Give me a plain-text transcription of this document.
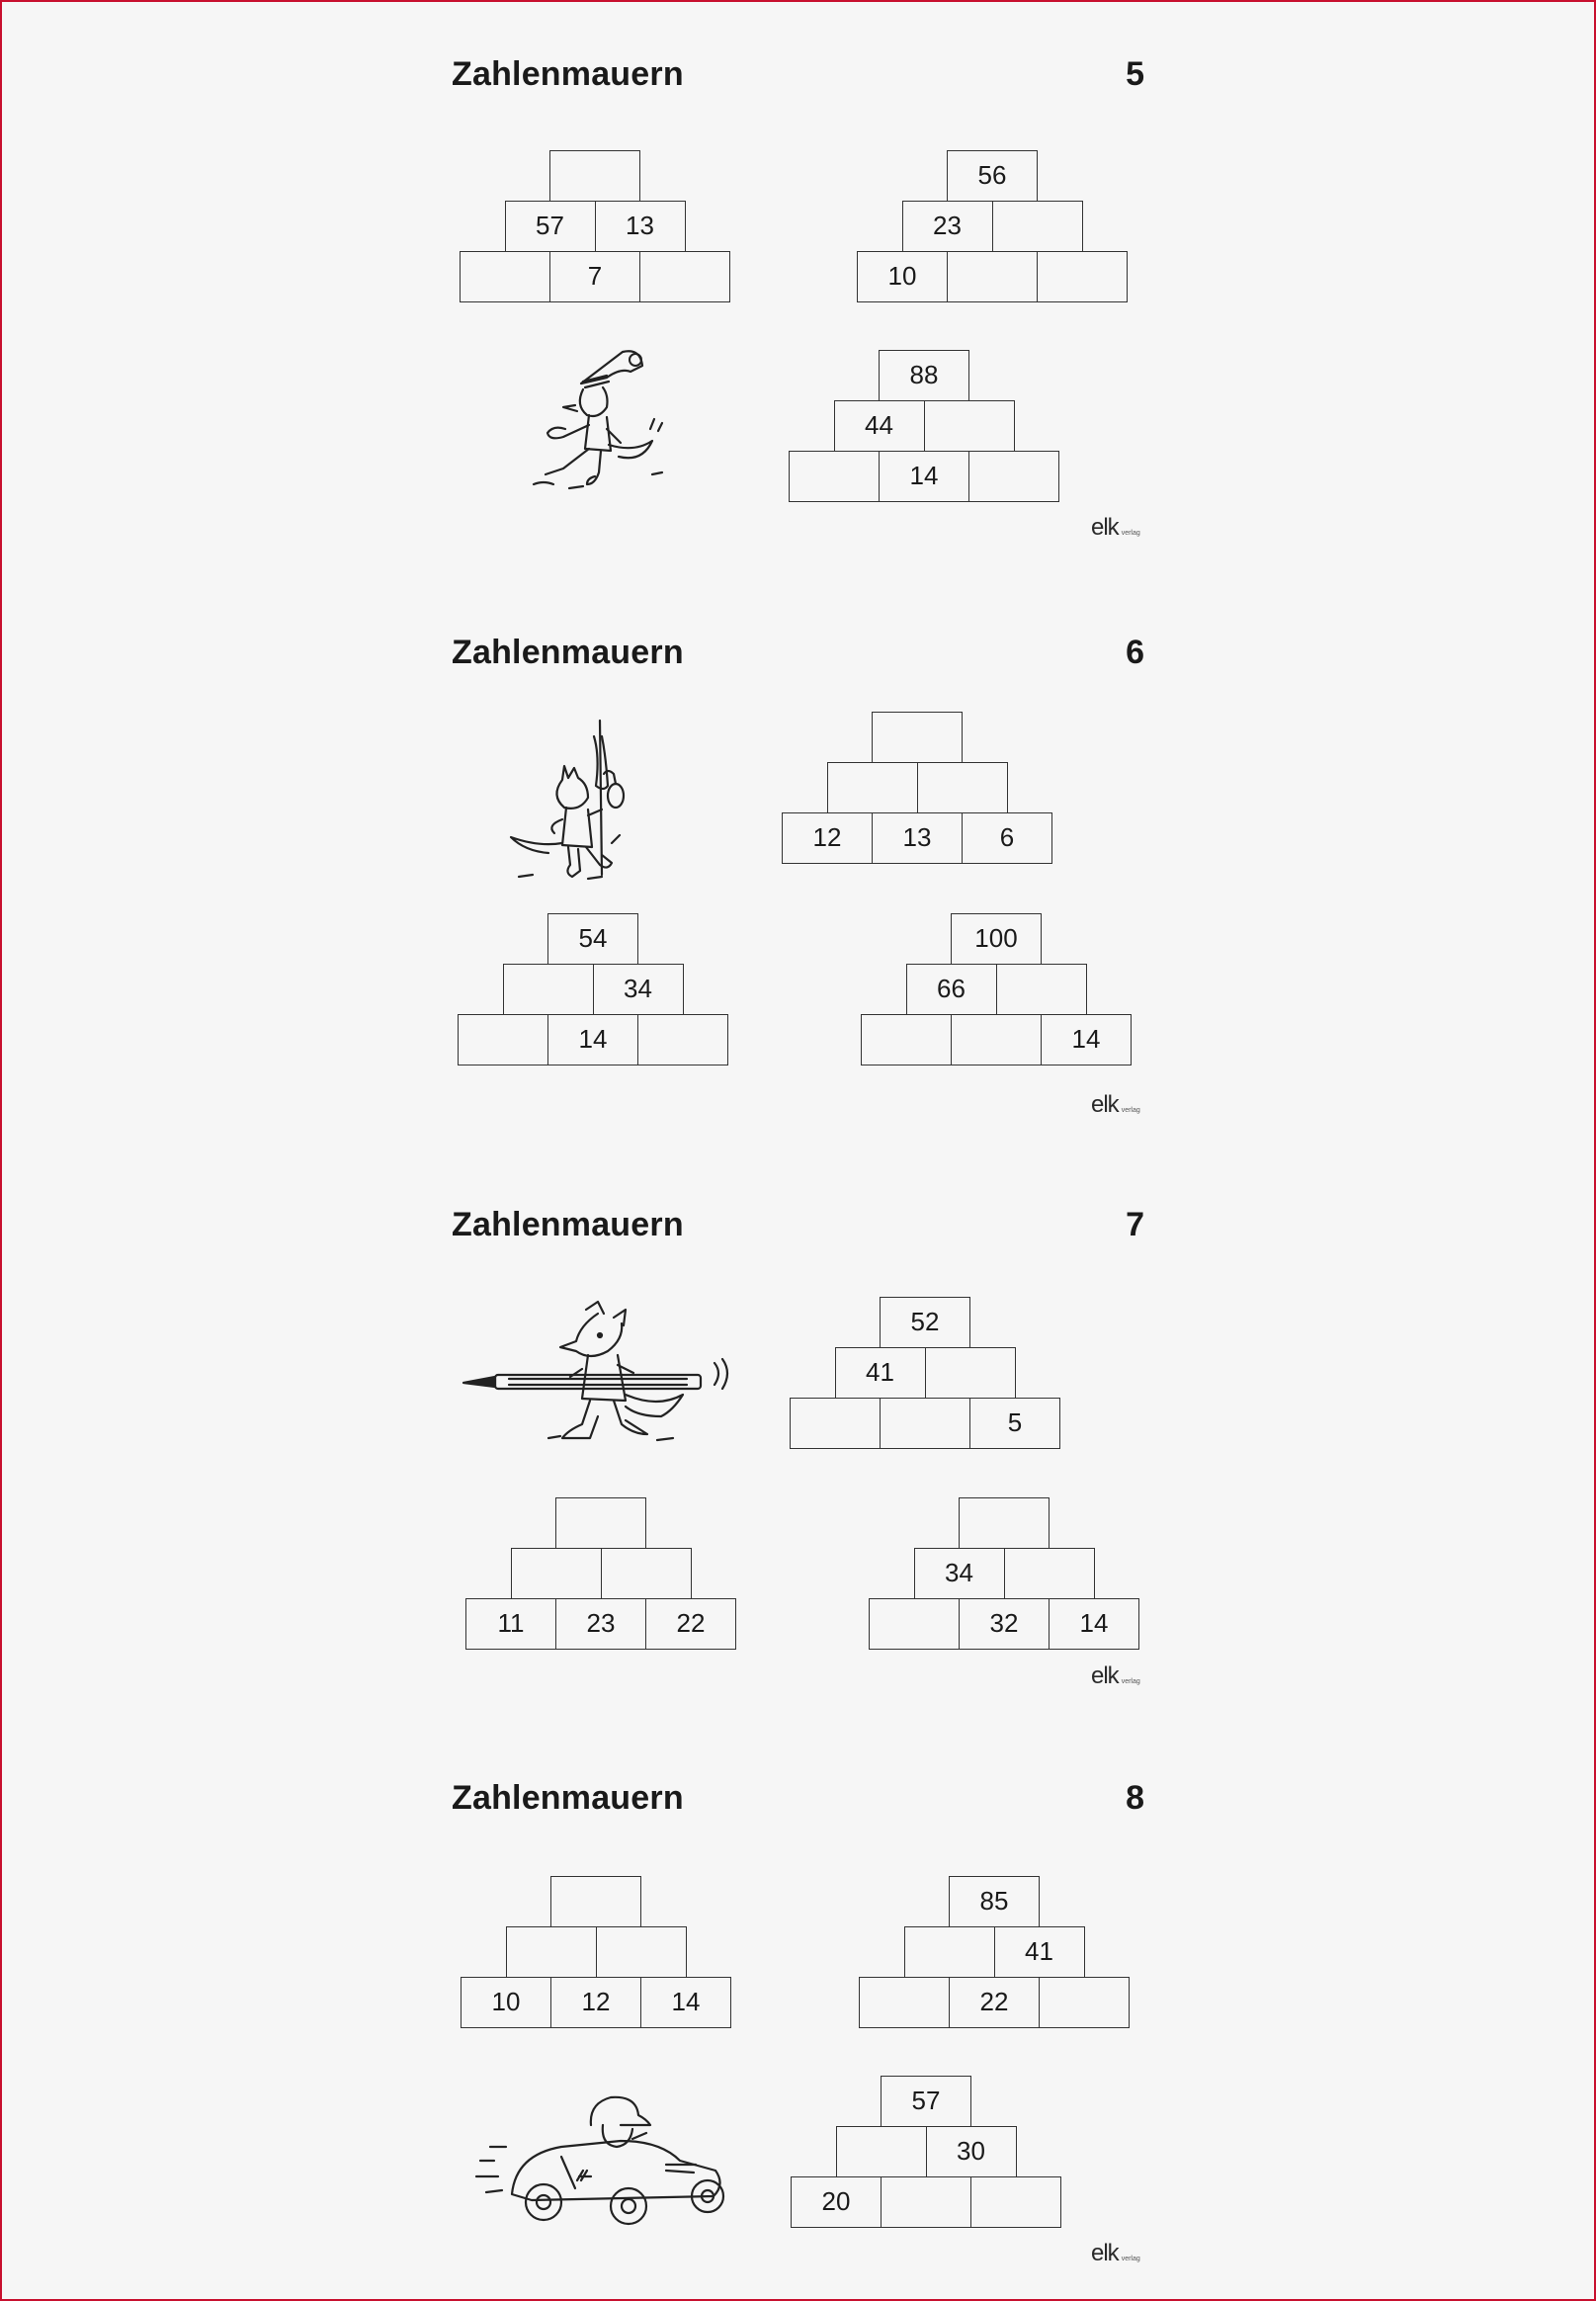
Zahlenmauern	5
57	13
7
56
23
10
88
44
14
elk verlag
Zahlenmauern	6
12	13	6
54
34
14
100
66
14
elk verlag
Zahlenmauern	7
52
41
5
11	23	22
34
32	14
elk verlag
Zahlenmauern	8
10	12	14
85
41
22
57
30
20
elk verlag
